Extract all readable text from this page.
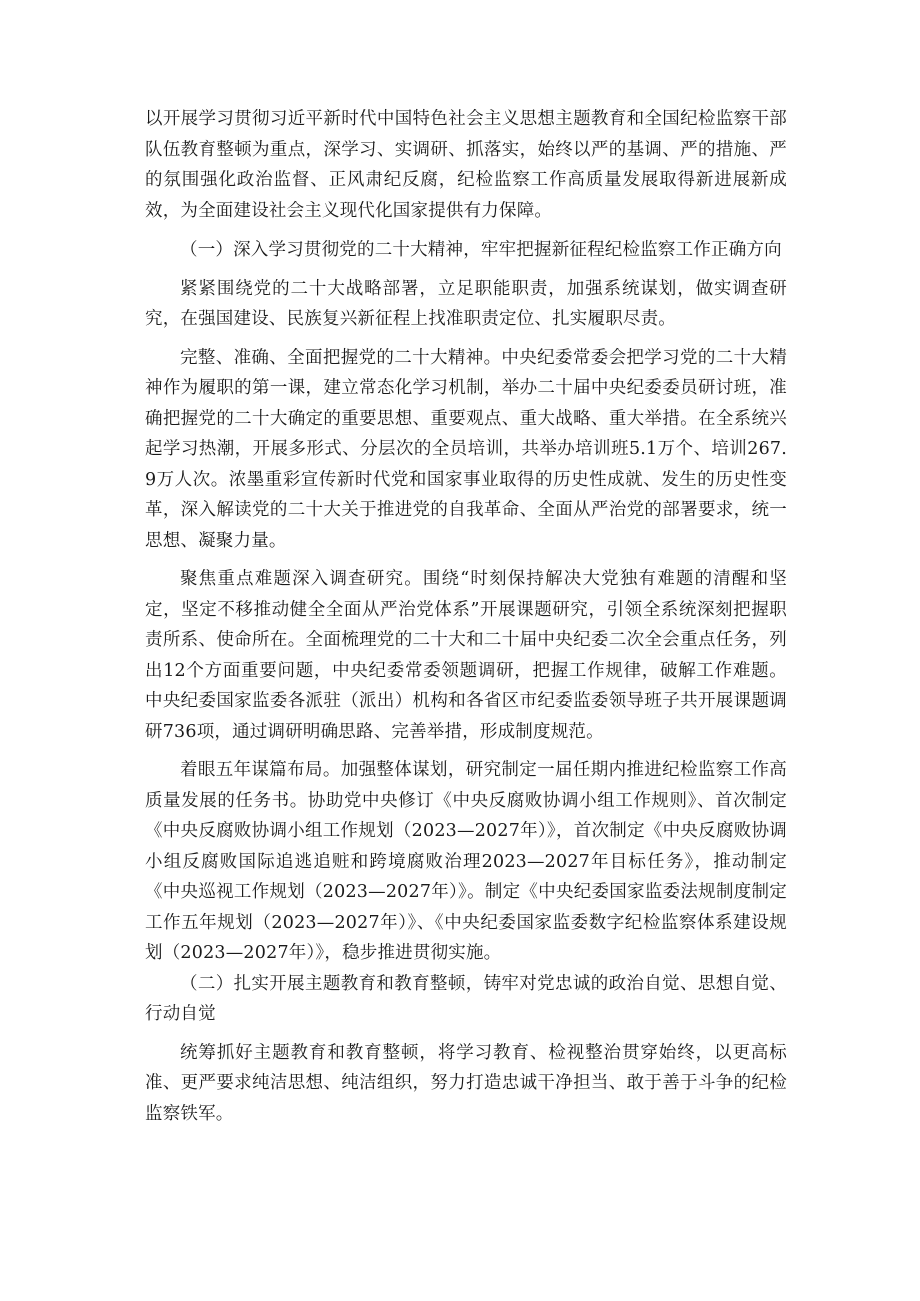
以开展学习贯彻习近平新时代中国特色社会主义思想主题教育和全国纪检监察干部队伍教育整顿为重点，深学习、实调研、抓落实，始终以严的基调、严的措施、严的氛围强化政治监督、正风肃纪反腐，纪检监察工作高质量发展取得新进展新成效，为全面建设社会主义现代化国家提供有力保障。

（一）深入学习贯彻党的二十大精神，牢牢把握新征程纪检监察工作正确方向

紧紧围绕党的二十大战略部署，立足职能职责，加强系统谋划，做实调查研究，在强国建设、民族复兴新征程上找准职责定位、扎实履职尽责。

完整、准确、全面把握党的二十大精神。中央纪委常委会把学习党的二十大精神作为履职的第一课，建立常态化学习机制，举办二十届中央纪委委员研讨班，准确把握党的二十大确定的重要思想、重要观点、重大战略、重大举措。在全系统兴起学习热潮，开展多形式、分层次的全员培训，共举办培训班5.1万个、培训267.9万人次。浓墨重彩宣传新时代党和国家事业取得的历史性成就、发生的历史性变革，深入解读党的二十大关于推进党的自我革命、全面从严治党的部署要求，统一思想、凝聚力量。

聚焦重点难题深入调查研究。围绕“时刻保持解决大党独有难题的清醒和坚定，坚定不移推动健全全面从严治党体系”开展课题研究，引领全系统深刻把握职责所系、使命所在。全面梳理党的二十大和二十届中央纪委二次全会重点任务，列出12个方面重要问题，中央纪委常委领题调研，把握工作规律，破解工作难题。中央纪委国家监委各派驻（派出）机构和各省区市纪委监委领导班子共开展课题调研736项，通过调研明确思路、完善举措，形成制度规范。

着眼五年谋篇布局。加强整体谋划，研究制定一届任期内推进纪检监察工作高质量发展的任务书。协助党中央修订《中央反腐败协调小组工作规则》、首次制定《中央反腐败协调小组工作规划（2023—2027年）》，首次制定《中央反腐败协调小组反腐败国际追逃追赃和跨境腐败治理2023—2027年目标任务》，推动制定《中央巡视工作规划（2023—2027年）》。制定《中央纪委国家监委法规制度制定工作五年规划（2023—2027年）》、《中央纪委国家监委数字纪检监察体系建设规划（2023—2027年）》，稳步推进贯彻实施。

（二）扎实开展主题教育和教育整顿，铸牢对党忠诚的政治自觉、思想自觉、行动自觉

统筹抓好主题教育和教育整顿，将学习教育、检视整治贯穿始终，以更高标准、更严要求纯洁思想、纯洁组织，努力打造忠诚干净担当、敢于善于斗争的纪检监察铁军。
